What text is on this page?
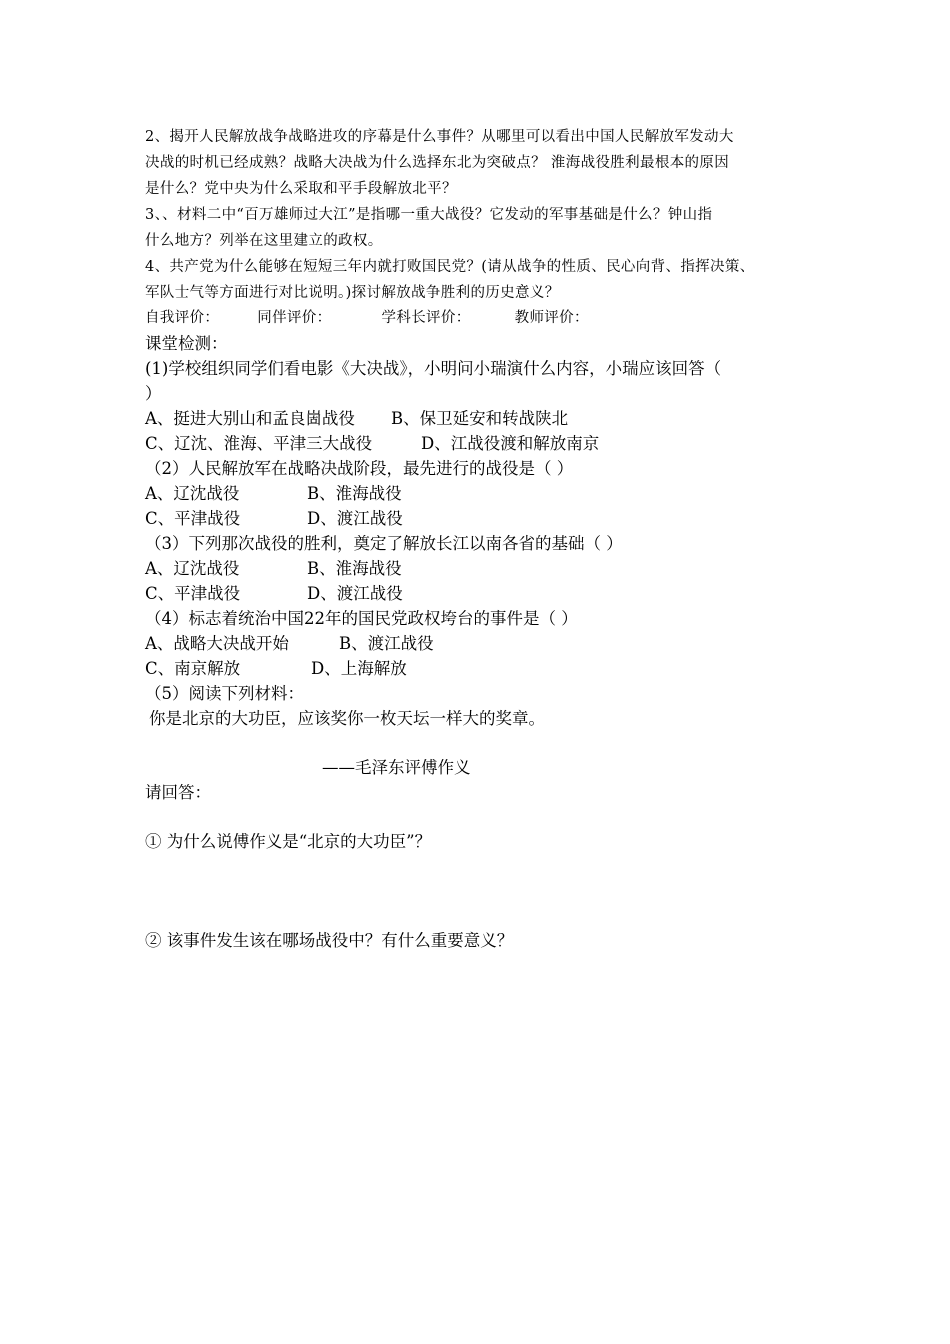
2、揭开人民解放战争战略进攻的序幕是什么事件？从哪里可以看出中国人民解放军发动大
决战的时机已经成熟？战略大决战为什么选择东北为突破点？ 淮海战役胜利最根本的原因
是什么？党中央为什么采取和平手段解放北平？
3、、材料二中“百万雄师过大江”是指哪一重大战役？它发动的军事基础是什么？钟山指
什么地方？列举在这里建立的政权。
4、共产党为什么能够在短短三年内就打败国民党？(请从战争的性质、民心向背、指挥决策、
军队士气等方面进行对比说明。)探讨解放战争胜利的历史意义？
自我评价：	同伴评价：	学科长评价：	教师评价：
课堂检测：
(1)学校组织同学们看电影《大决战》，小明问小瑞演什么内容，小瑞应该回答（
）
A、挺进大别山和孟良崮战役 B、保卫延安和转战陕北
C、辽沈、淮海、平津三大战役	D、江战役渡和解放南京
（2）人民解放军在战略决战阶段，最先进行的战役是（ ）
A、辽沈战役	B、淮海战役
C、平津战役	D、渡江战役
（3）下列那次战役的胜利，奠定了解放长江以南各省的基础（ ）
A、辽沈战役	B、淮海战役
C、平津战役	D、渡江战役
（4）标志着统治中国22年的国民党政权垮台的事件是（ ）
A、战略大决战开始	B、渡江战役
C、南京解放	D、上海解放
（5）阅读下列材料：
你是北京的大功臣，应该奖你一枚天坛一样大的奖章。
——毛泽东评傅作义
请回答：
① 为什么说傅作义是“北京的大功臣”？
② 该事件发生该在哪场战役中？有什么重要意义？
